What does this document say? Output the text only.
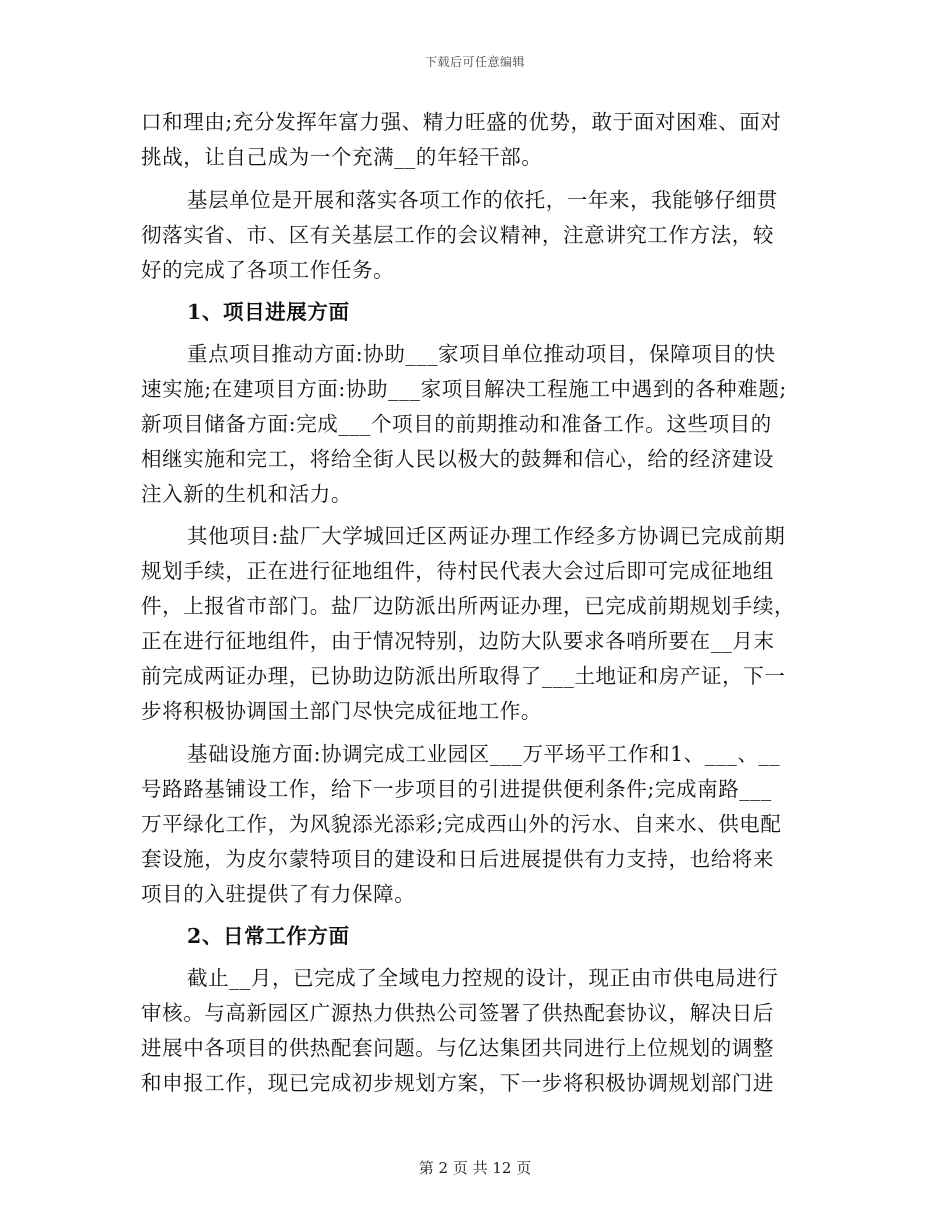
下载后可任意编辑
口和理由;充分发挥年富力强、精力旺盛的优势，敢于面对困难、面对
挑战，让自己成为一个充满__的年轻干部。
基层单位是开展和落实各项工作的依托，一年来，我能够仔细贯
彻落实省、市、区有关基层工作的会议精神，注意讲究工作方法，较
好的完成了各项工作任务。
1、项目进展方面
重点项目推动方面:协助___家项目单位推动项目，保障项目的快
速实施;在建项目方面:协助___家项目解决工程施工中遇到的各种难题;
新项目储备方面:完成___个项目的前期推动和准备工作。这些项目的
相继实施和完工，将给全街人民以极大的鼓舞和信心，给的经济建设
注入新的生机和活力。
其他项目:盐厂大学城回迁区两证办理工作经多方协调已完成前期
规划手续，正在进行征地组件，待村民代表大会过后即可完成征地组
件，上报省市部门。盐厂边防派出所两证办理，已完成前期规划手续，
正在进行征地组件，由于情况特别，边防大队要求各哨所要在__月末
前完成两证办理，已协助边防派出所取得了___土地证和房产证，下一
步将积极协调国土部门尽快完成征地工作。
基础设施方面:协调完成工业园区___万平场平工作和1、___、__
号路路基铺设工作，给下一步项目的引进提供便利条件;完成南路___
万平绿化工作，为风貌添光添彩;完成西山外的污水、自来水、供电配
套设施，为皮尔蒙特项目的建设和日后进展提供有力支持，也给将来
项目的入驻提供了有力保障。
2、日常工作方面
截止__月，已完成了全域电力控规的设计，现正由市供电局进行
审核。与高新园区广源热力供热公司签署了供热配套协议，解决日后
进展中各项目的供热配套问题。与亿达集团共同进行上位规划的调整
和申报工作，现已完成初步规划方案，下一步将积极协调规划部门进
第 2 页 共 12 页
